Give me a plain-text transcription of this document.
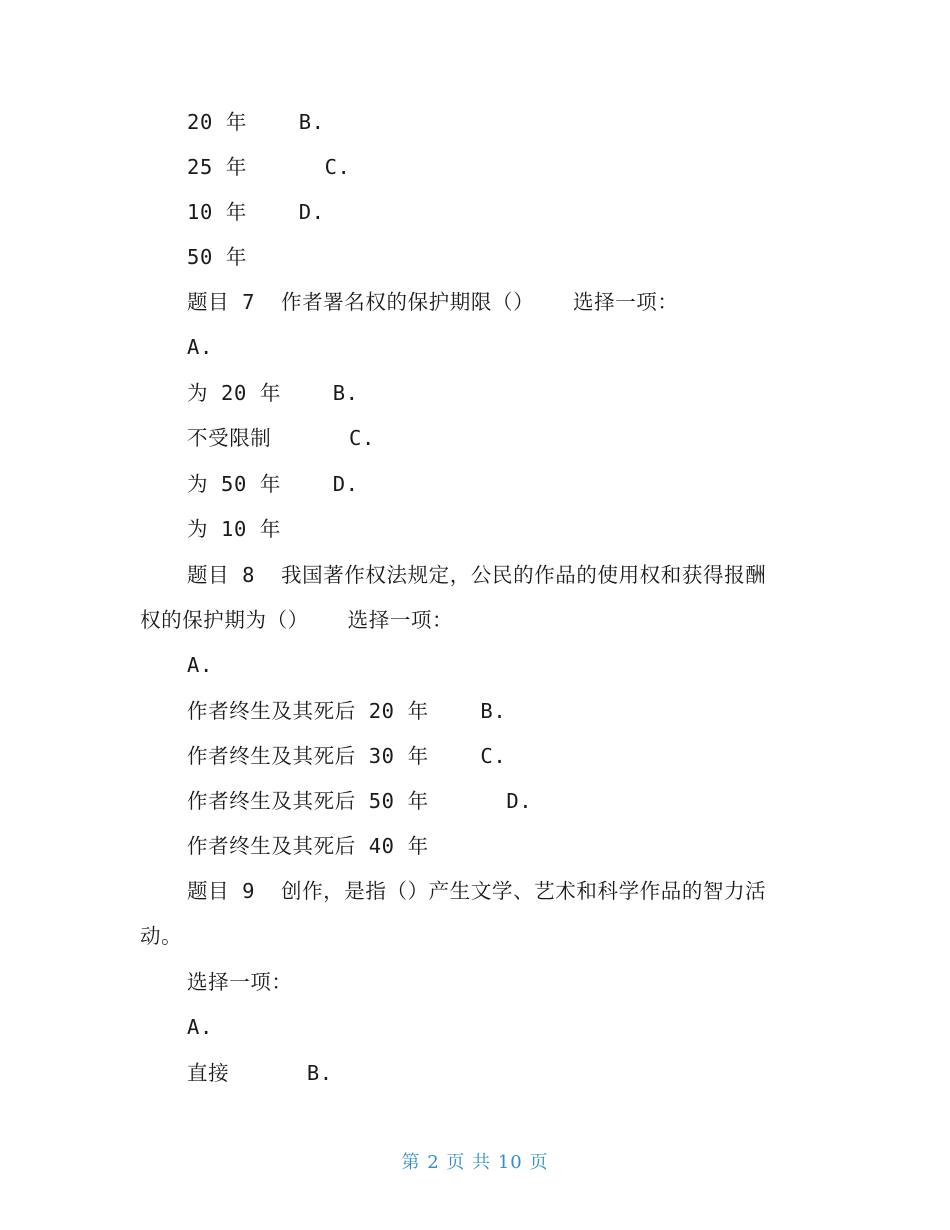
20 年    B.
25 年      C.
10 年    D.
50 年
题目 7  作者署名权的保护期限（）   选择一项：
A.
为 20 年    B.
不受限制      C.
为 50 年    D.
为 10 年
题目 8  我国著作权法规定，公民的作品的使用权和获得报酬
权的保护期为（）   选择一项：
A.
作者终生及其死后 20 年    B.
作者终生及其死后 30 年    C.
作者终生及其死后 50 年      D.
作者终生及其死后 40 年
题目 9  创作，是指（）产生文学、艺术和科学作品的智力活
动。
选择一项：
A.
直接      B.
第 2 页 共 10 页
